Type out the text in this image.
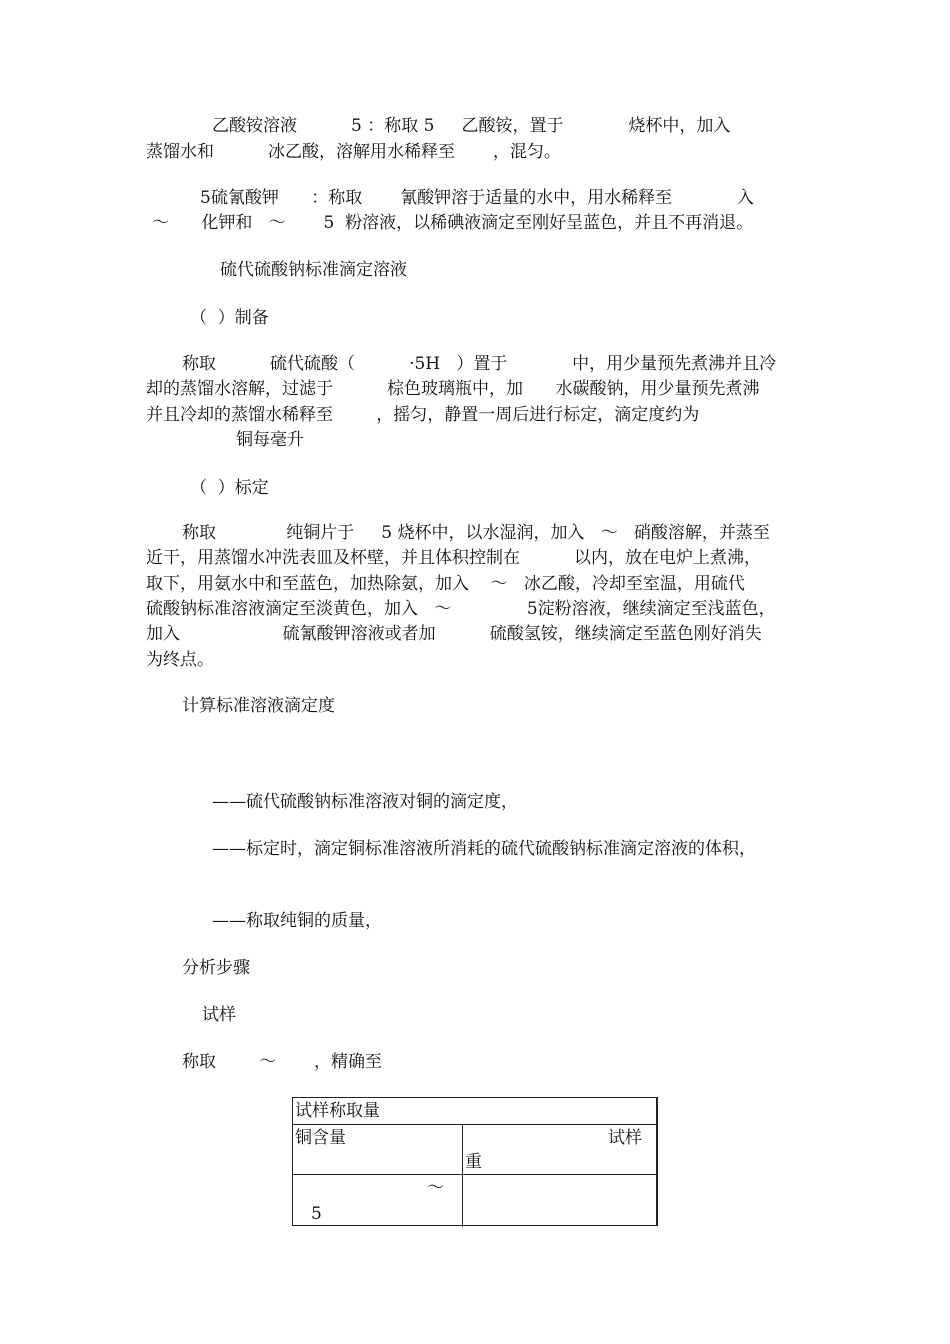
乙酸铵溶液          5 ：称取 5     乙酸铵，置于            烧杯中，加入
蒸馏水和          冰乙酸，溶解用水稀释至       ，混匀。
5硫氰酸钾      ：称取       氰酸钾溶于适量的水中，用水稀释至            入
～      化钾和   ～       5  粉溶液，以稀碘液滴定至刚好呈蓝色，并且不再消退。
硫代硫酸钠标准滴定溶液
（  ）制备
称取          硫代硫酸（          ·5H   ）置于            中，用少量预先煮沸并且冷
却的蒸馏水溶解，过滤于          棕色玻璃瓶中，加      水碳酸钠，用少量预先煮沸
并且冷却的蒸馏水稀释至        ，摇匀，静置一周后进行标定，滴定度约为
铜每毫升
（  ）标定
称取             纯铜片于     5 烧杯中，以水湿润，加入   ～   硝酸溶解，并蒸至
近干，用蒸馏水冲洗表皿及杯壁，并且体积控制在          以内，放在电炉上煮沸，
取下，用氨水中和至蓝色，加热除氨，加入    ～   冰乙酸，冷却至室温，用硫代
硫酸钠标准溶液滴定至淡黄色，加入   ～              5淀粉溶液，继续滴定至浅蓝色，
加入                   硫氰酸钾溶液或者加          硫酸氢铵，继续滴定至蓝色刚好消失
为终点。
计算标准溶液滴定度
——硫代硫酸钠标准溶液对铜的滴定度，
——标定时，滴定铜标准溶液所消耗的硫代硫酸钠标准滴定溶液的体积，
——称取纯铜的质量，
分析步骤
试样
称取        ～       ，精确至
试样称取量
铜含量	试样
重
～
5
